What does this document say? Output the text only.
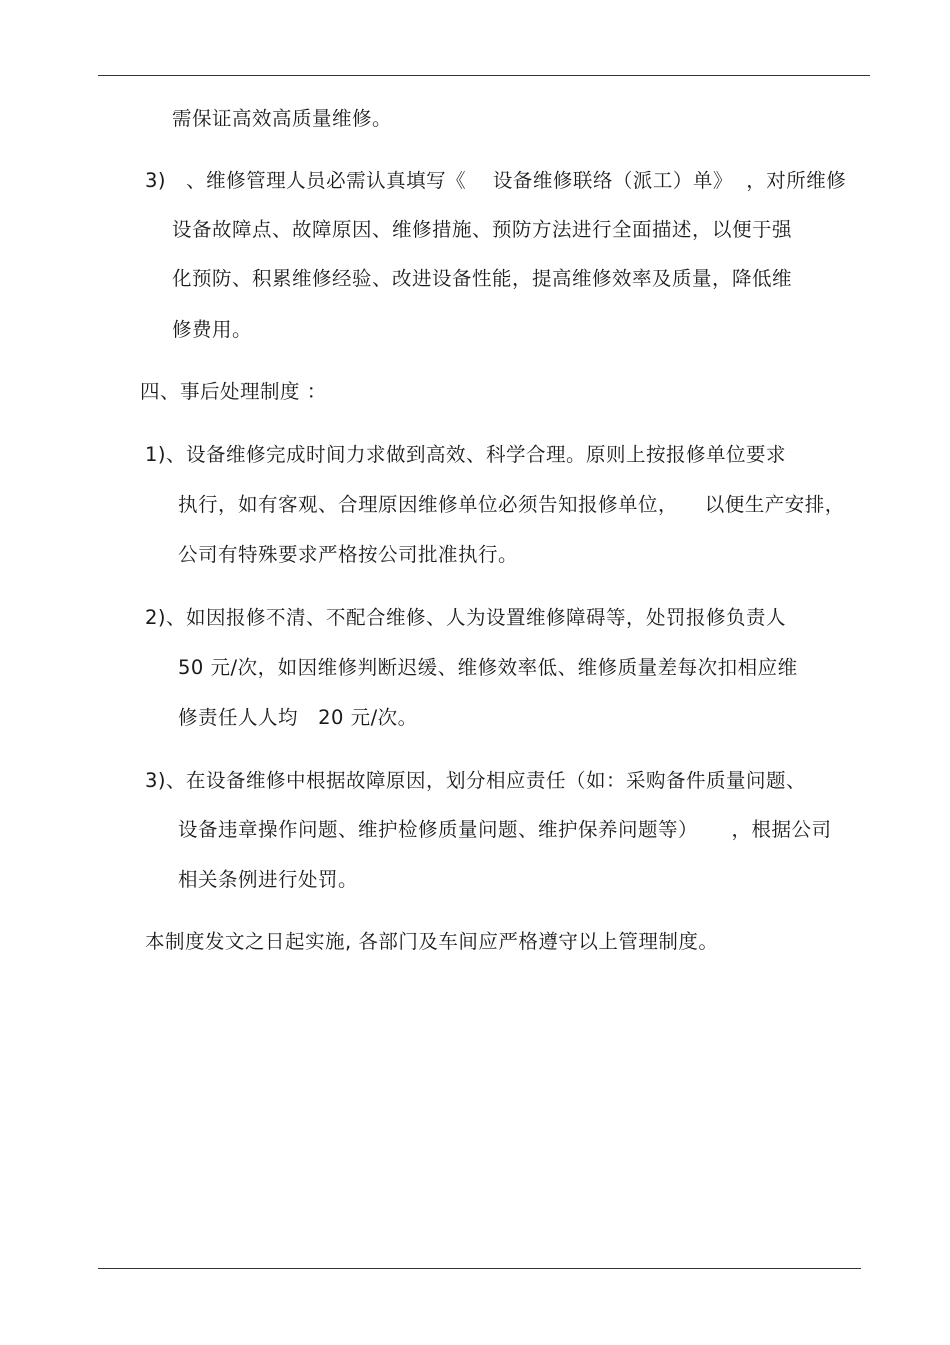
需保证高效高质量维修。
3)   、维修管理人员必需认真填写《    设备维修联络（派工）单》  ，对所维修
设备故障点、故障原因、维修措施、预防方法进行全面描述，以便于强
化预防、积累维修经验、改进设备性能，提高维修效率及质量，降低维
修费用。
四、事后处理制度 ：
1)、设备维修完成时间力求做到高效、科学合理。原则上按报修单位要求
执行，如有客观、合理原因维修单位必须告知报修单位，    以便生产安排，
公司有特殊要求严格按公司批准执行。
2)、如因报修不清、不配合维修、人为设置维修障碍等，处罚报修负责人
50 元/次，如因维修判断迟缓、维修效率低、维修质量差每次扣相应维
修责任人人均   20 元/次。
3)、在设备维修中根据故障原因，划分相应责任（如：采购备件质量问题、
设备违章操作问题、维护检修质量问题、维护保养问题等）     ，根据公司
相关条例进行处罚。
本制度发文之日起实施, 各部门及车间应严格遵守以上管理制度。
